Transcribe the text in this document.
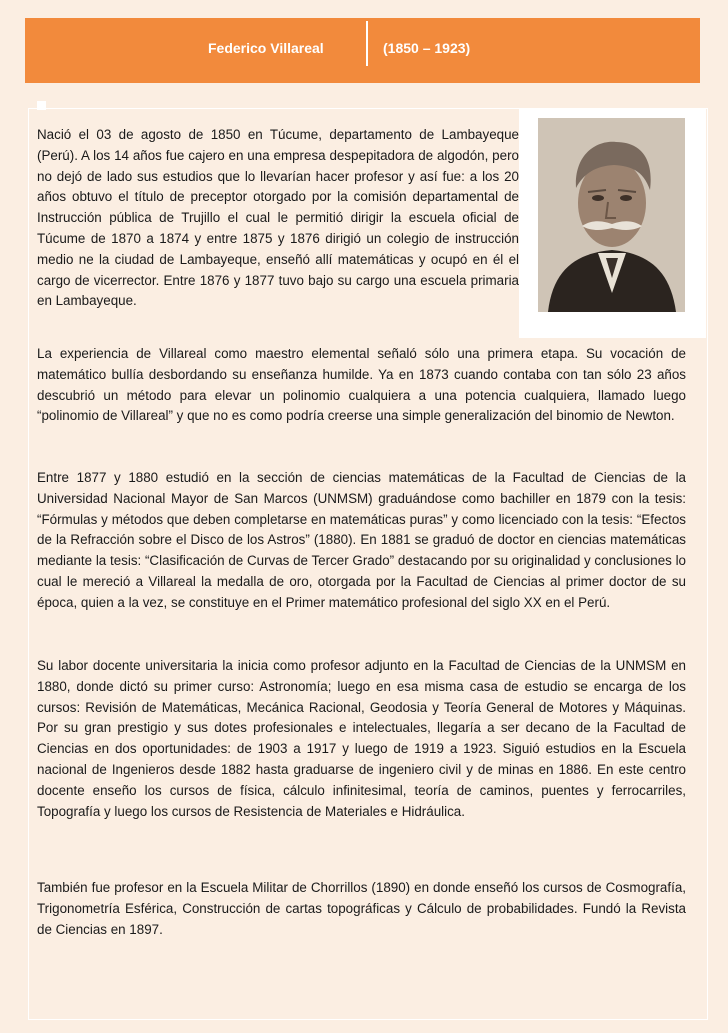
Federico Villareal	(1850 – 1923)

Nació el 03 de agosto de 1850 en Túcume, departamento de Lambayeque (Perú). A los 14 años fue cajero en una empresa despepitadora de algodón, pero no dejó de lado sus estudios que lo llevarían hacer profesor y así fue: a los 20 años obtuvo el título de preceptor otorgado por la comisión departamental de Instrucción pública de Trujillo el cual le permitió dirigir la escuela oficial de Túcume de 1870 a 1874 y entre 1875 y 1876 dirigió un colegio de instrucción medio ne la ciudad de Lambayeque, enseñó allí matemáticas y ocupó en él el cargo de vicerrector. Entre 1876 y 1877 tuvo bajo su cargo una escuela primaria en Lambayeque.

La experiencia de Villareal como maestro elemental señaló sólo una primera etapa. Su vocación de matemático bullía desbordando su enseñanza humilde. Ya en 1873 cuando contaba con tan sólo 23 años descubrió un método para elevar un polinomio cualquiera a una potencia cualquiera, llamado luego “polinomio de Villareal” y que no es como podría creerse una simple generalización del binomio de Newton.

Entre 1877 y 1880 estudió en la sección de ciencias matemáticas de la Facultad de Ciencias de la Universidad Nacional Mayor de San Marcos (UNMSM) graduándose como bachiller en 1879 con la tesis: “Fórmulas y métodos que deben completarse en matemáticas puras” y como licenciado con la tesis: “Efectos de la Refracción sobre el Disco de los Astros” (1880). En 1881 se graduó de doctor en ciencias matemáticas mediante la tesis: “Clasificación de Curvas de Tercer Grado” destacando por su originalidad y conclusiones lo cual le mereció a Villareal la medalla de oro, otorgada por la Facultad de Ciencias al primer doctor de su época, quien a la vez, se constituye en el Primer matemático profesional del siglo XX en el Perú.

Su labor docente universitaria la inicia como profesor adjunto en la Facultad de Ciencias de la UNMSM en 1880, donde dictó su primer curso: Astronomía; luego en esa misma casa de estudio se encarga de los cursos: Revisión de Matemáticas, Mecánica Racional, Geodosia y Teoría General de Motores y Máquinas. Por su gran prestigio y sus dotes profesionales e intelectuales, llegaría a ser decano de la Facultad de Ciencias en dos oportunidades: de 1903 a 1917 y luego de 1919 a 1923. Siguió estudios en la Escuela nacional de Ingenieros desde 1882 hasta graduarse de ingeniero civil y de minas en 1886. En este centro docente enseño los cursos de física, cálculo infinitesimal, teoría de caminos, puentes y ferrocarriles, Topografía y luego los cursos de Resistencia de Materiales e Hidráulica.

También fue profesor en la Escuela Militar de Chorrillos (1890) en donde enseñó los cursos de Cosmografía, Trigonometría Esférica, Construcción de cartas topográficas y Cálculo de probabilidades. Fundó la Revista de Ciencias en 1897.
